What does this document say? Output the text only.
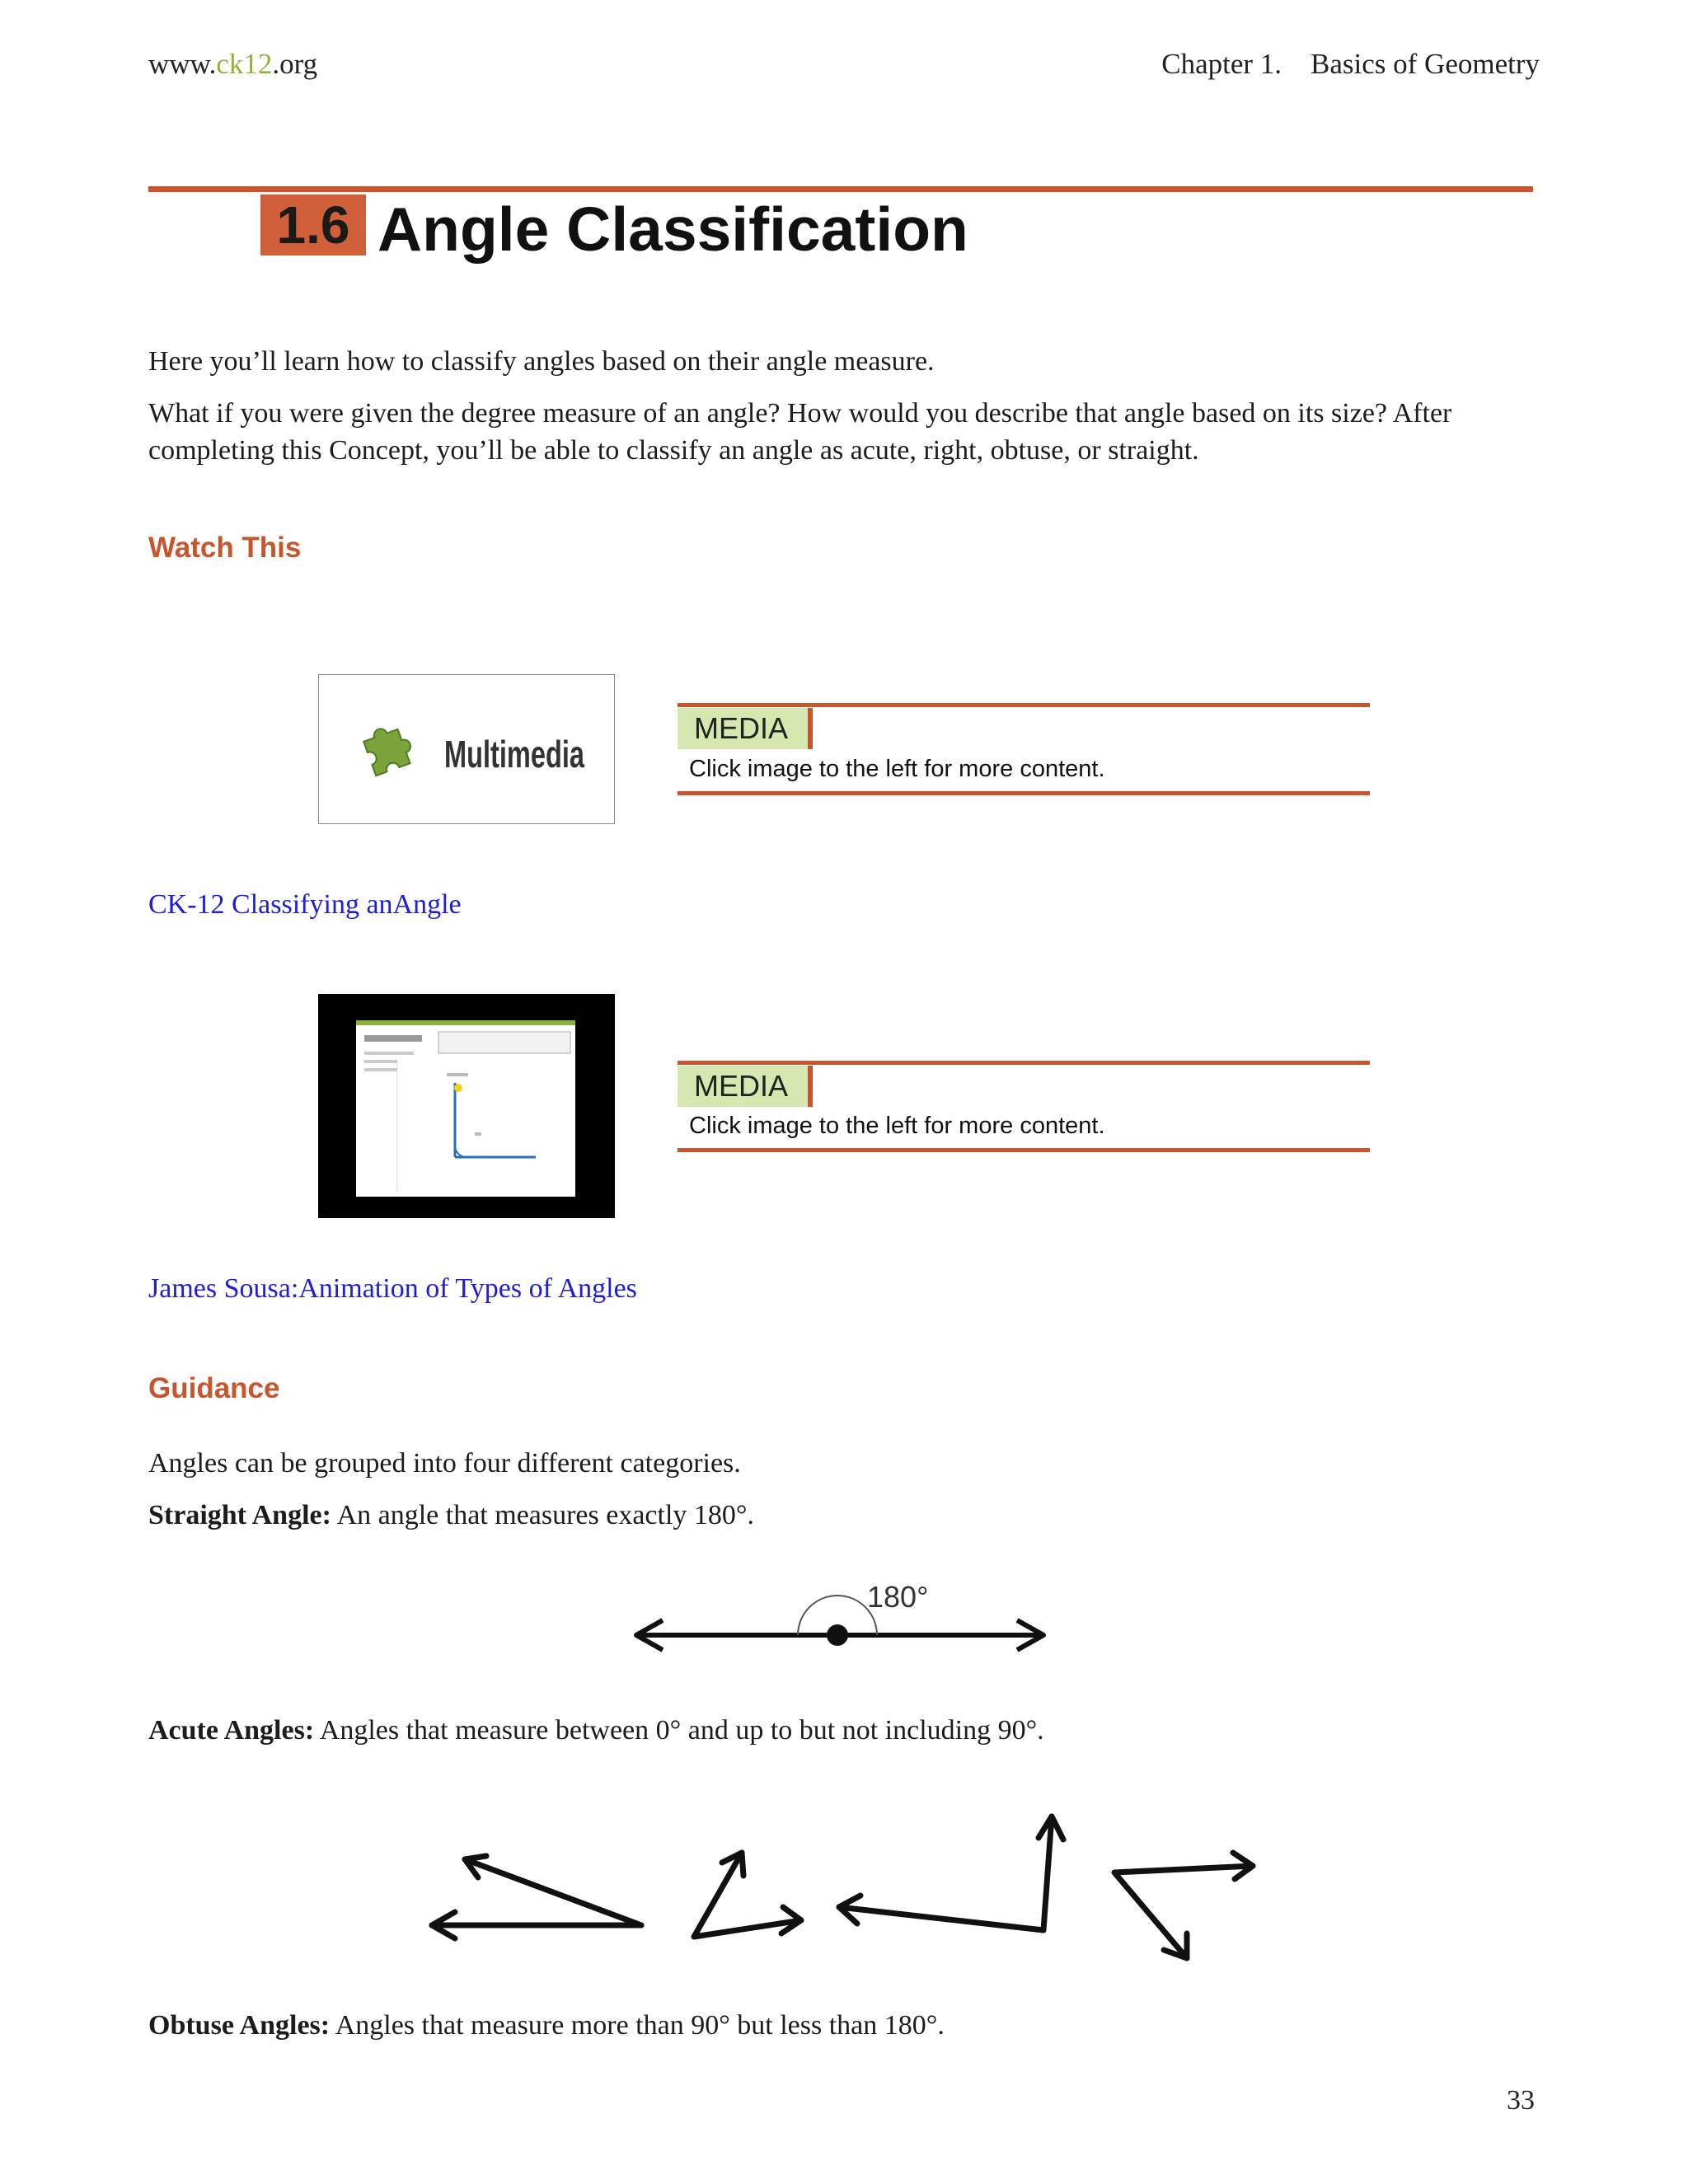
www.ck12.org	Chapter 1.    Basics of Geometry
1.6 Angle Classification
Here you’ll learn how to classify angles based on their angle measure.
What if you were given the degree measure of an angle? How would you describe that angle based on its size? After completing this Concept, you’ll be able to classify an angle as acute, right, obtuse, or straight.
Watch This
Multimedia
MEDIA
Click image to the left for more content.
CK-12 Classifying anAngle
MEDIA
Click image to the left for more content.
James Sousa:Animation of Types of Angles
Guidance
Angles can be grouped into four different categories.
Straight Angle: An angle that measures exactly 180°.
180°
Acute Angles: Angles that measure between 0° and up to but not including 90°.
Obtuse Angles: Angles that measure more than 90° but less than 180°.
33
